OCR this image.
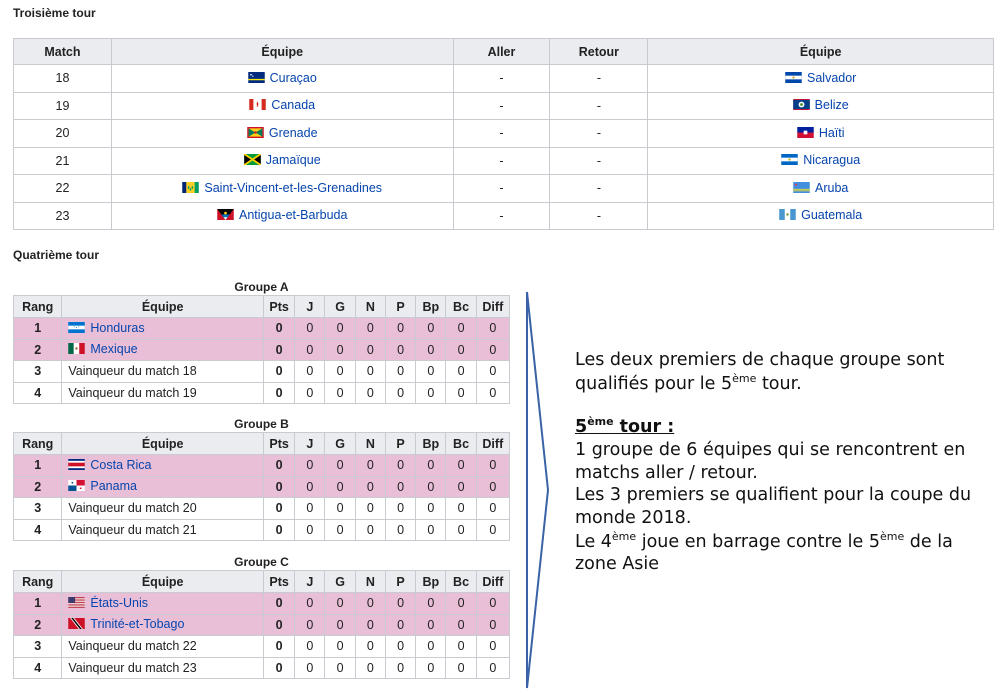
Troisième tour
Match	Équipe	Aller	Retour	Équipe
18	Curaçao	-	-	Salvador
19	Canada	-	-	Belize
20	Grenade	-	-	Haïti
21	Jamaïque	-	-	Nicaragua
22	Saint-Vincent-et-les-Grenadines	-	-	Aruba
23	Antigua-et-Barbuda	-	-	Guatemala
Quatrième tour
Groupe A
Rang	Équipe	Pts	J	G	N	P	Bp	Bc	Diff
1	Honduras	0	0	0	0	0	0	0	0
2	Mexique	0	0	0	0	0	0	0	0
3	Vainqueur du match 18	0	0	0	0	0	0	0	0
4	Vainqueur du match 19	0	0	0	0	0	0	0	0
Groupe B
Rang	Équipe	Pts	J	G	N	P	Bp	Bc	Diff
1	Costa Rica	0	0	0	0	0	0	0	0
2	Panama	0	0	0	0	0	0	0	0
3	Vainqueur du match 20	0	0	0	0	0	0	0	0
4	Vainqueur du match 21	0	0	0	0	0	0	0	0
Groupe C
Rang	Équipe	Pts	J	G	N	P	Bp	Bc	Diff
1	États-Unis	0	0	0	0	0	0	0	0
2	Trinité-et-Tobago	0	0	0	0	0	0	0	0
3	Vainqueur du match 22	0	0	0	0	0	0	0	0
4	Vainqueur du match 23	0	0	0	0	0	0	0	0

Les deux premiers de chaque groupe sont qualifiés pour le 5ème tour.

5ème tour :

1 groupe de 6 équipes qui se rencontrent en matchs aller / retour.

Les 3 premiers se qualifient pour la coupe du monde 2018.

Le 4ème joue en barrage contre le 5ème de la zone Asie
